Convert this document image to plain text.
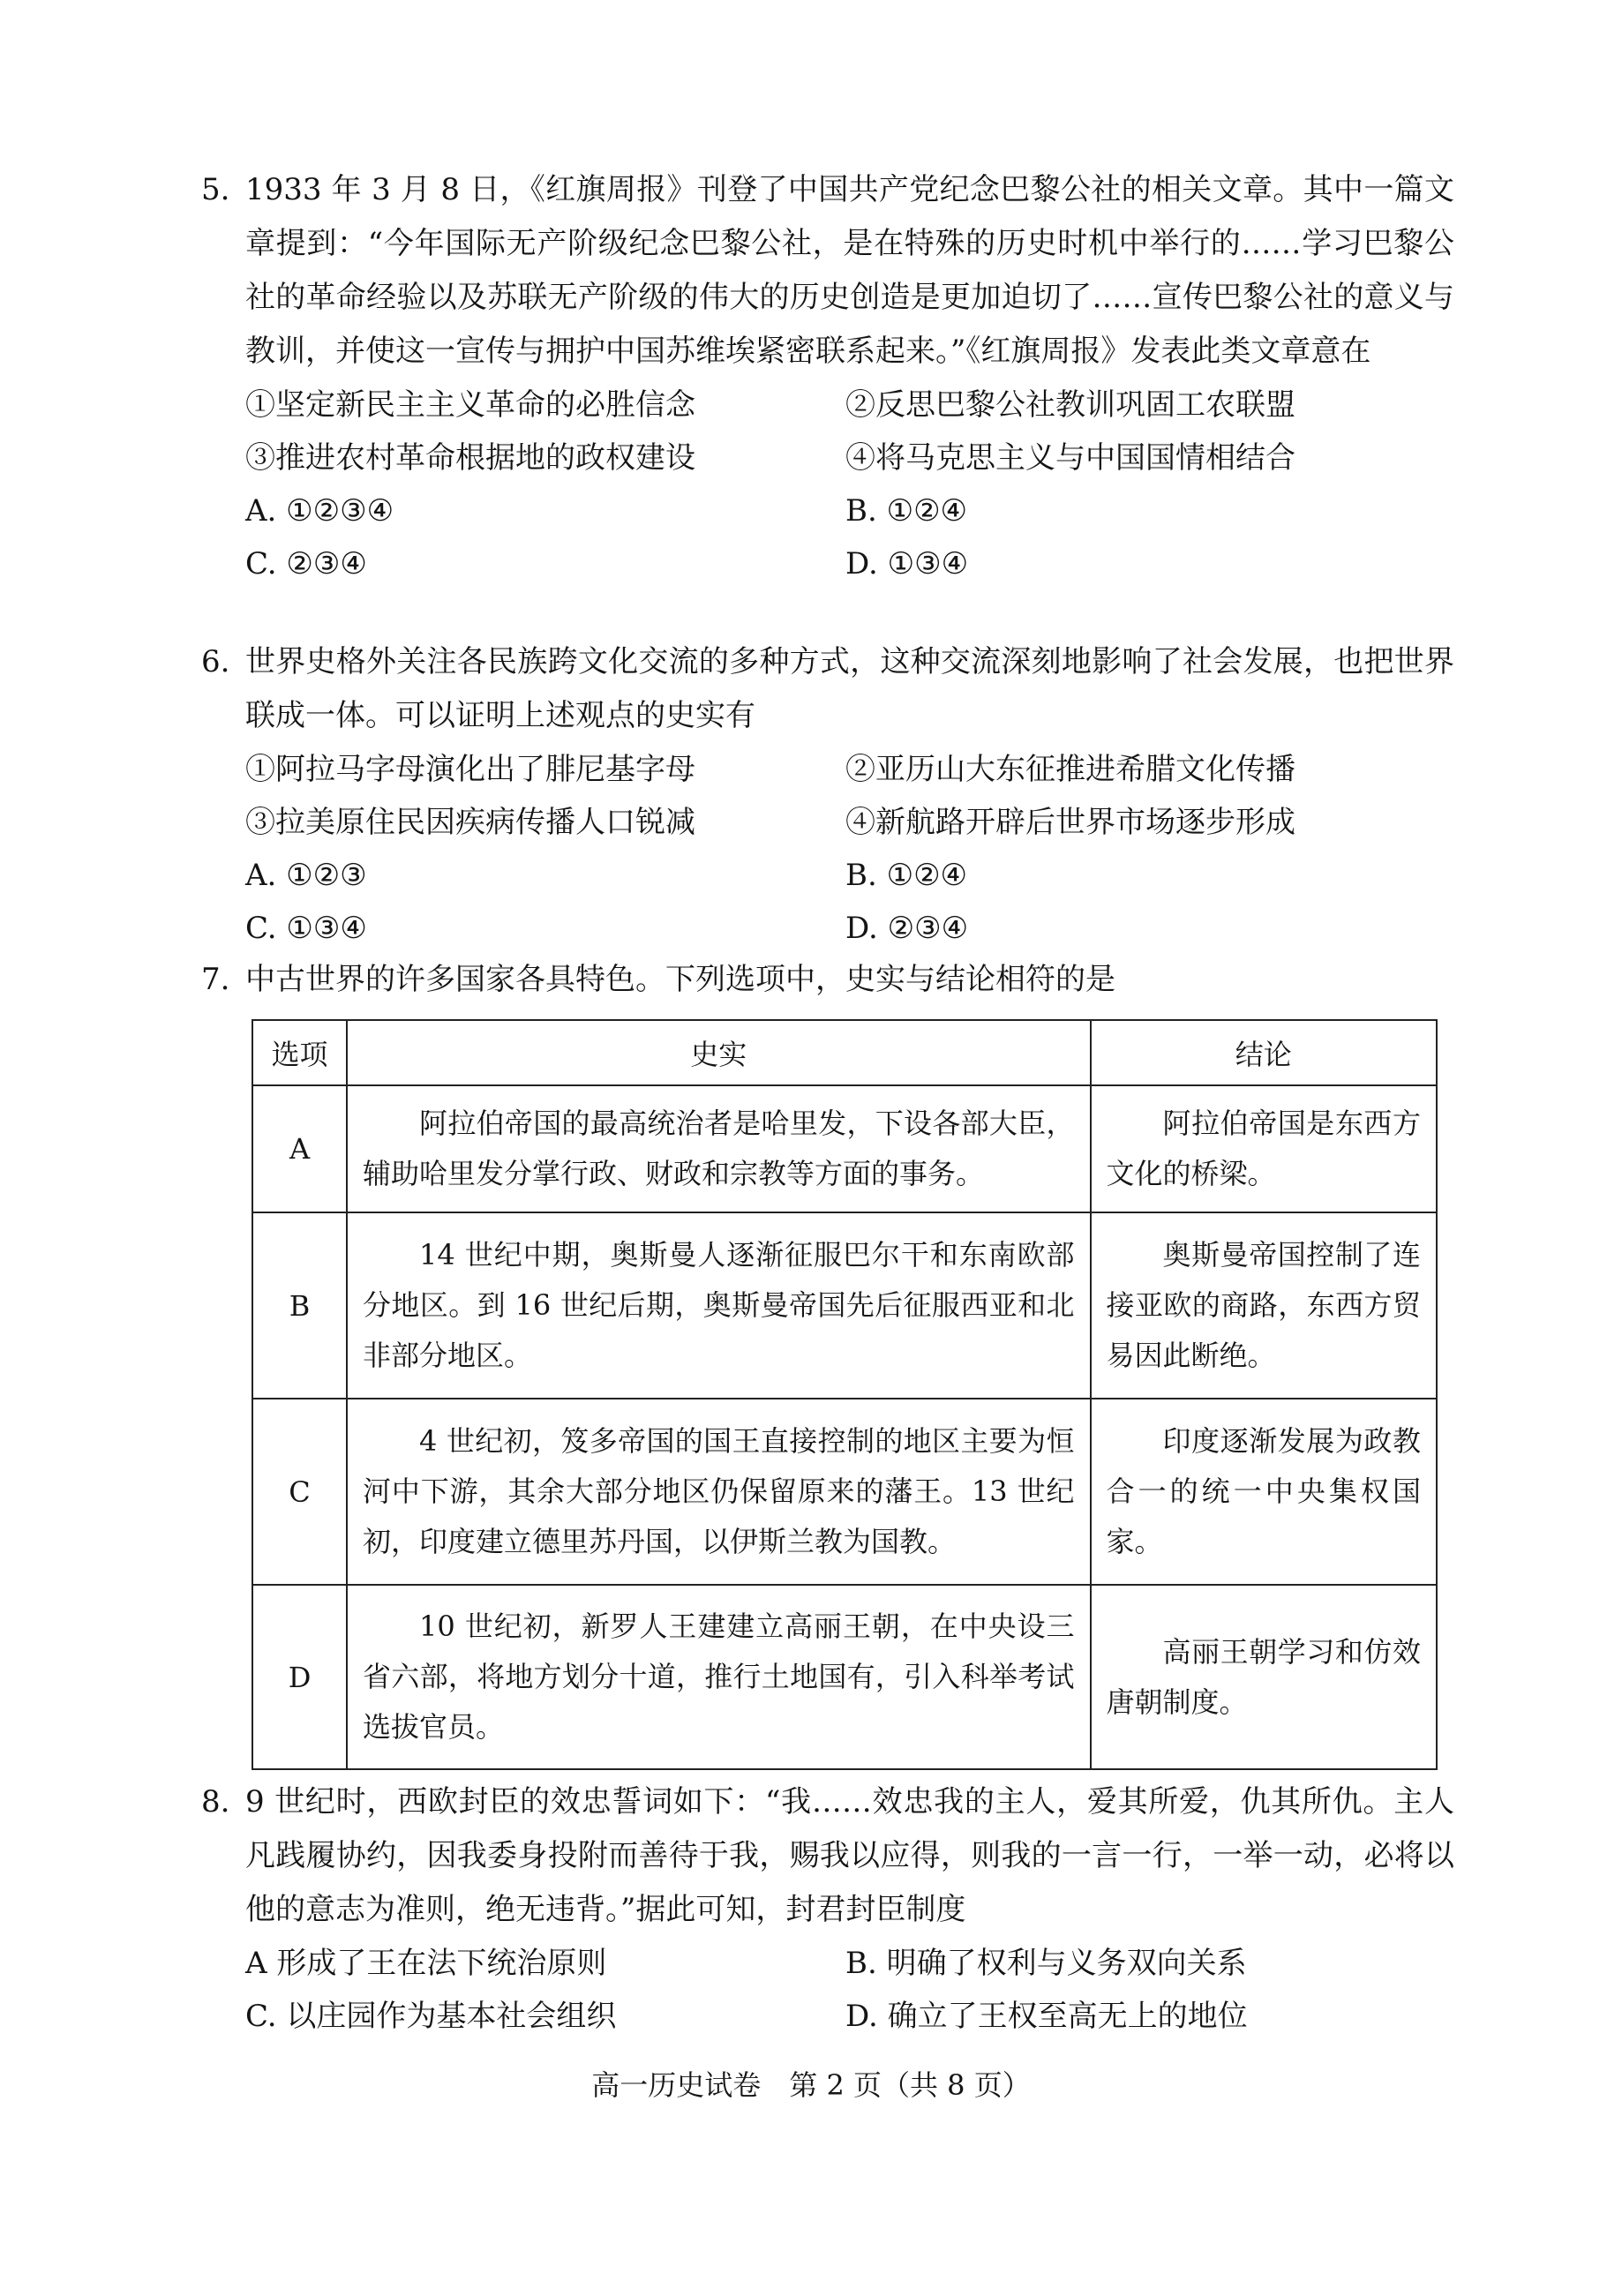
5. 1933 年 3 月 8 日，《红旗周报》刊登了中国共产党纪念巴黎公社的相关文章。其中一篇文章提到：“今年国际无产阶级纪念巴黎公社，是在特殊的历史时机中举行的……学习巴黎公社的革命经验以及苏联无产阶级的伟大的历史创造是更加迫切了……宣传巴黎公社的意义与教训，并使这一宣传与拥护中国苏维埃紧密联系起来。”《红旗周报》发表此类文章意在
①坚定新民主主义革命的必胜信念	②反思巴黎公社教训巩固工农联盟
③推进农村革命根据地的政权建设	④将马克思主义与中国国情相结合
A. ①②③④	B. ①②④
C. ②③④	D. ①③④
6. 世界史格外关注各民族跨文化交流的多种方式，这种交流深刻地影响了社会发展，也把世界联成一体。可以证明上述观点的史实有
①阿拉马字母演化出了腓尼基字母	②亚历山大东征推进希腊文化传播
③拉美原住民因疾病传播人口锐减	④新航路开辟后世界市场逐步形成
A. ①②③	B. ①②④
C. ①③④	D. ②③④
7. 中古世界的许多国家各具特色。下列选项中，史实与结论相符的是
选项	史实	结论
A	阿拉伯帝国的最高统治者是哈里发，下设各部大臣，辅助哈里发分掌行政、财政和宗教等方面的事务。	阿拉伯帝国是东西方文化的桥梁。

B	14 世纪中期，奥斯曼人逐渐征服巴尔干和东南欧部分地区。到 16 世纪后期，奥斯曼帝国先后征服西亚和北非部分地区。	奥斯曼帝国控制了连接亚欧的商路，东西方贸易因此断绝。

C	4 世纪初，笈多帝国的国王直接控制的地区主要为恒河中下游，其余大部分地区仍保留原来的藩王。13 世纪初，印度建立德里苏丹国，以伊斯兰教为国教。	印度逐渐发展为政教合一的统一中央集权国家。

D	10 世纪初，新罗人王建建立高丽王朝，在中央设三省六部，将地方划分十道，推行土地国有，引入科举考试选拔官员。	高丽王朝学习和仿效唐朝制度。
8. 9 世纪时，西欧封臣的效忠誓词如下：“我……效忠我的主人，爱其所爱，仇其所仇。主人凡践履协约，因我委身投附而善待于我，赐我以应得，则我的一言一行，一举一动，必将以他的意志为准则，绝无违背。”据此可知，封君封臣制度
A 形成了王在法下统治原则	B. 明确了权利与义务双向关系
C. 以庄园作为基本社会组织	D. 确立了王权至高无上的地位
高一历史试卷　第 2 页（共 8 页）
